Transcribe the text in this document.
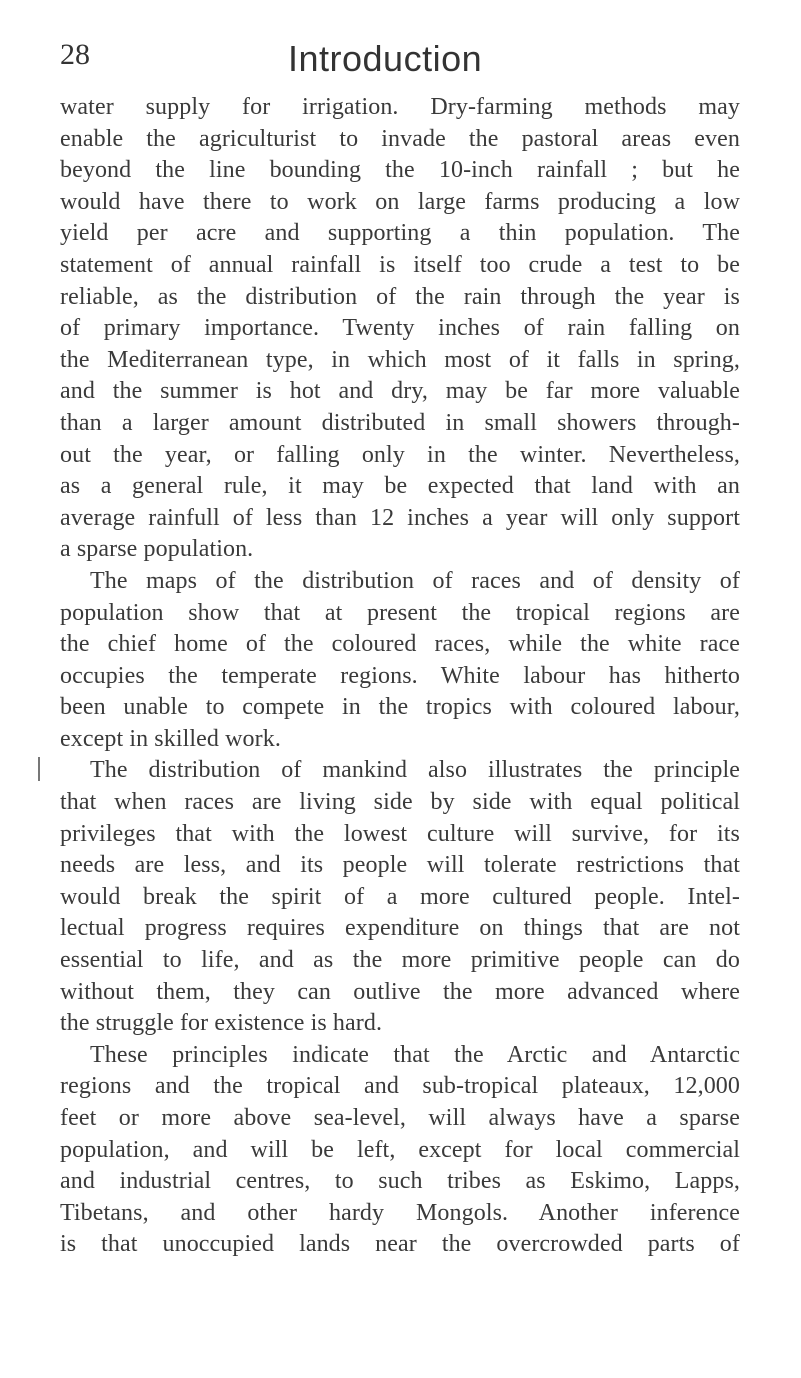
28	Introduction
water supply for irrigation. Dry-farming methods may
enable the agriculturist to invade the pastoral areas even
beyond the line bounding the 10-inch rainfall ; but he
would have there to work on large farms producing a low
yield per acre and supporting a thin population. The
statement of annual rainfall is itself too crude a test to be
reliable, as the distribution of the rain through the year is
of primary importance. Twenty inches of rain falling on
the Mediterranean type, in which most of it falls in spring,
and the summer is hot and dry, may be far more valuable
than a larger amount distributed in small showers through-
out the year, or falling only in the winter. Nevertheless,
as a general rule, it may be expected that land with an
average rainfull of less than 12 inches a year will only support
a sparse population.
The maps of the distribution of races and of density of
population show that at present the tropical regions are
the chief home of the coloured races, while the white race
occupies the temperate regions. White labour has hitherto
been unable to compete in the tropics with coloured labour,
except in skilled work.
The distribution of mankind also illustrates the principle
that when races are living side by side with equal political
privileges that with the lowest culture will survive, for its
needs are less, and its people will tolerate restrictions that
would break the spirit of a more cultured people. Intel-
lectual progress requires expenditure on things that are not
essential to life, and as the more primitive people can do
without them, they can outlive the more advanced where
the struggle for existence is hard.
These principles indicate that the Arctic and Antarctic
regions and the tropical and sub-tropical plateaux, 12,000
feet or more above sea-level, will always have a sparse
population, and will be left, except for local commercial
and industrial centres, to such tribes as Eskimo, Lapps,
Tibetans, and other hardy Mongols. Another inference
is that unoccupied lands near the overcrowded parts of
